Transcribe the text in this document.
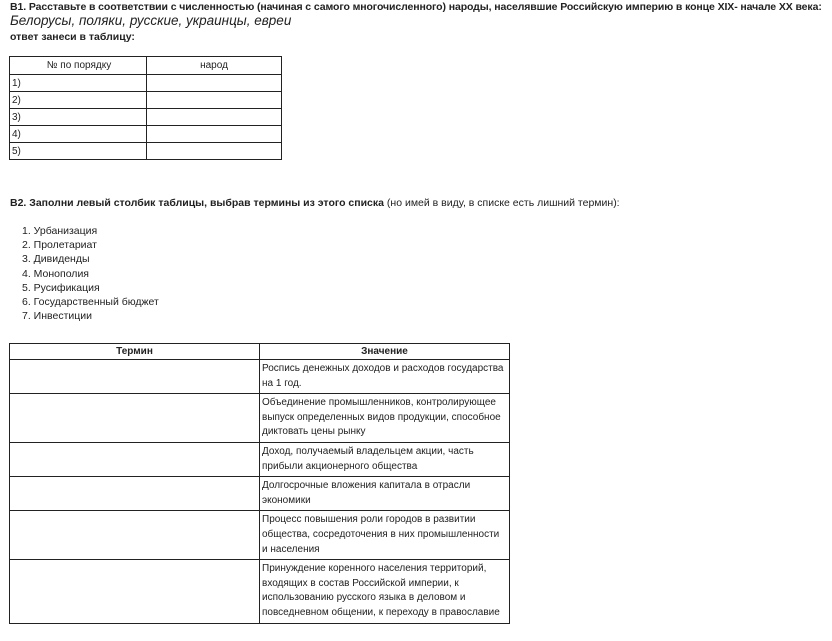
В1. Расставьте в соответствии с численностью (начиная с самого многочисленного) народы, населявшие Российскую империю в конце XIX- начале XX века:
Белорусы, поляки, русские, украинцы, евреи
ответ занеси в таблицу:
№ по порядку	народ
1)	
2)	
3)	
4)	
5)	
В2. Заполни левый столбик таблицы, выбрав термины из этого списка (но имей в виду, в списке есть лишний термин):
1. Урбанизация
2. Пролетариат
3. Дивиденды
4. Монополия
5. Русификация
6. Государственный бюджет
7. Инвестиции
Термин	Значение
	Роспись денежных доходов и расходов государства на 1 год.
	Объединение промышленников, контролирующее выпуск определенных видов продукции, способное диктовать цены рынку
	Доход, получаемый владельцем акции, часть прибыли акционерного общества
	Долгосрочные вложения капитала в отрасли экономики
	Процесс повышения роли городов в развитии общества, сосредоточения в них промышленности и населения
	Принуждение коренного населения территорий, входящих в состав Российской империи, к использованию русского языка в деловом и повседневном общении, к переходу в православие
